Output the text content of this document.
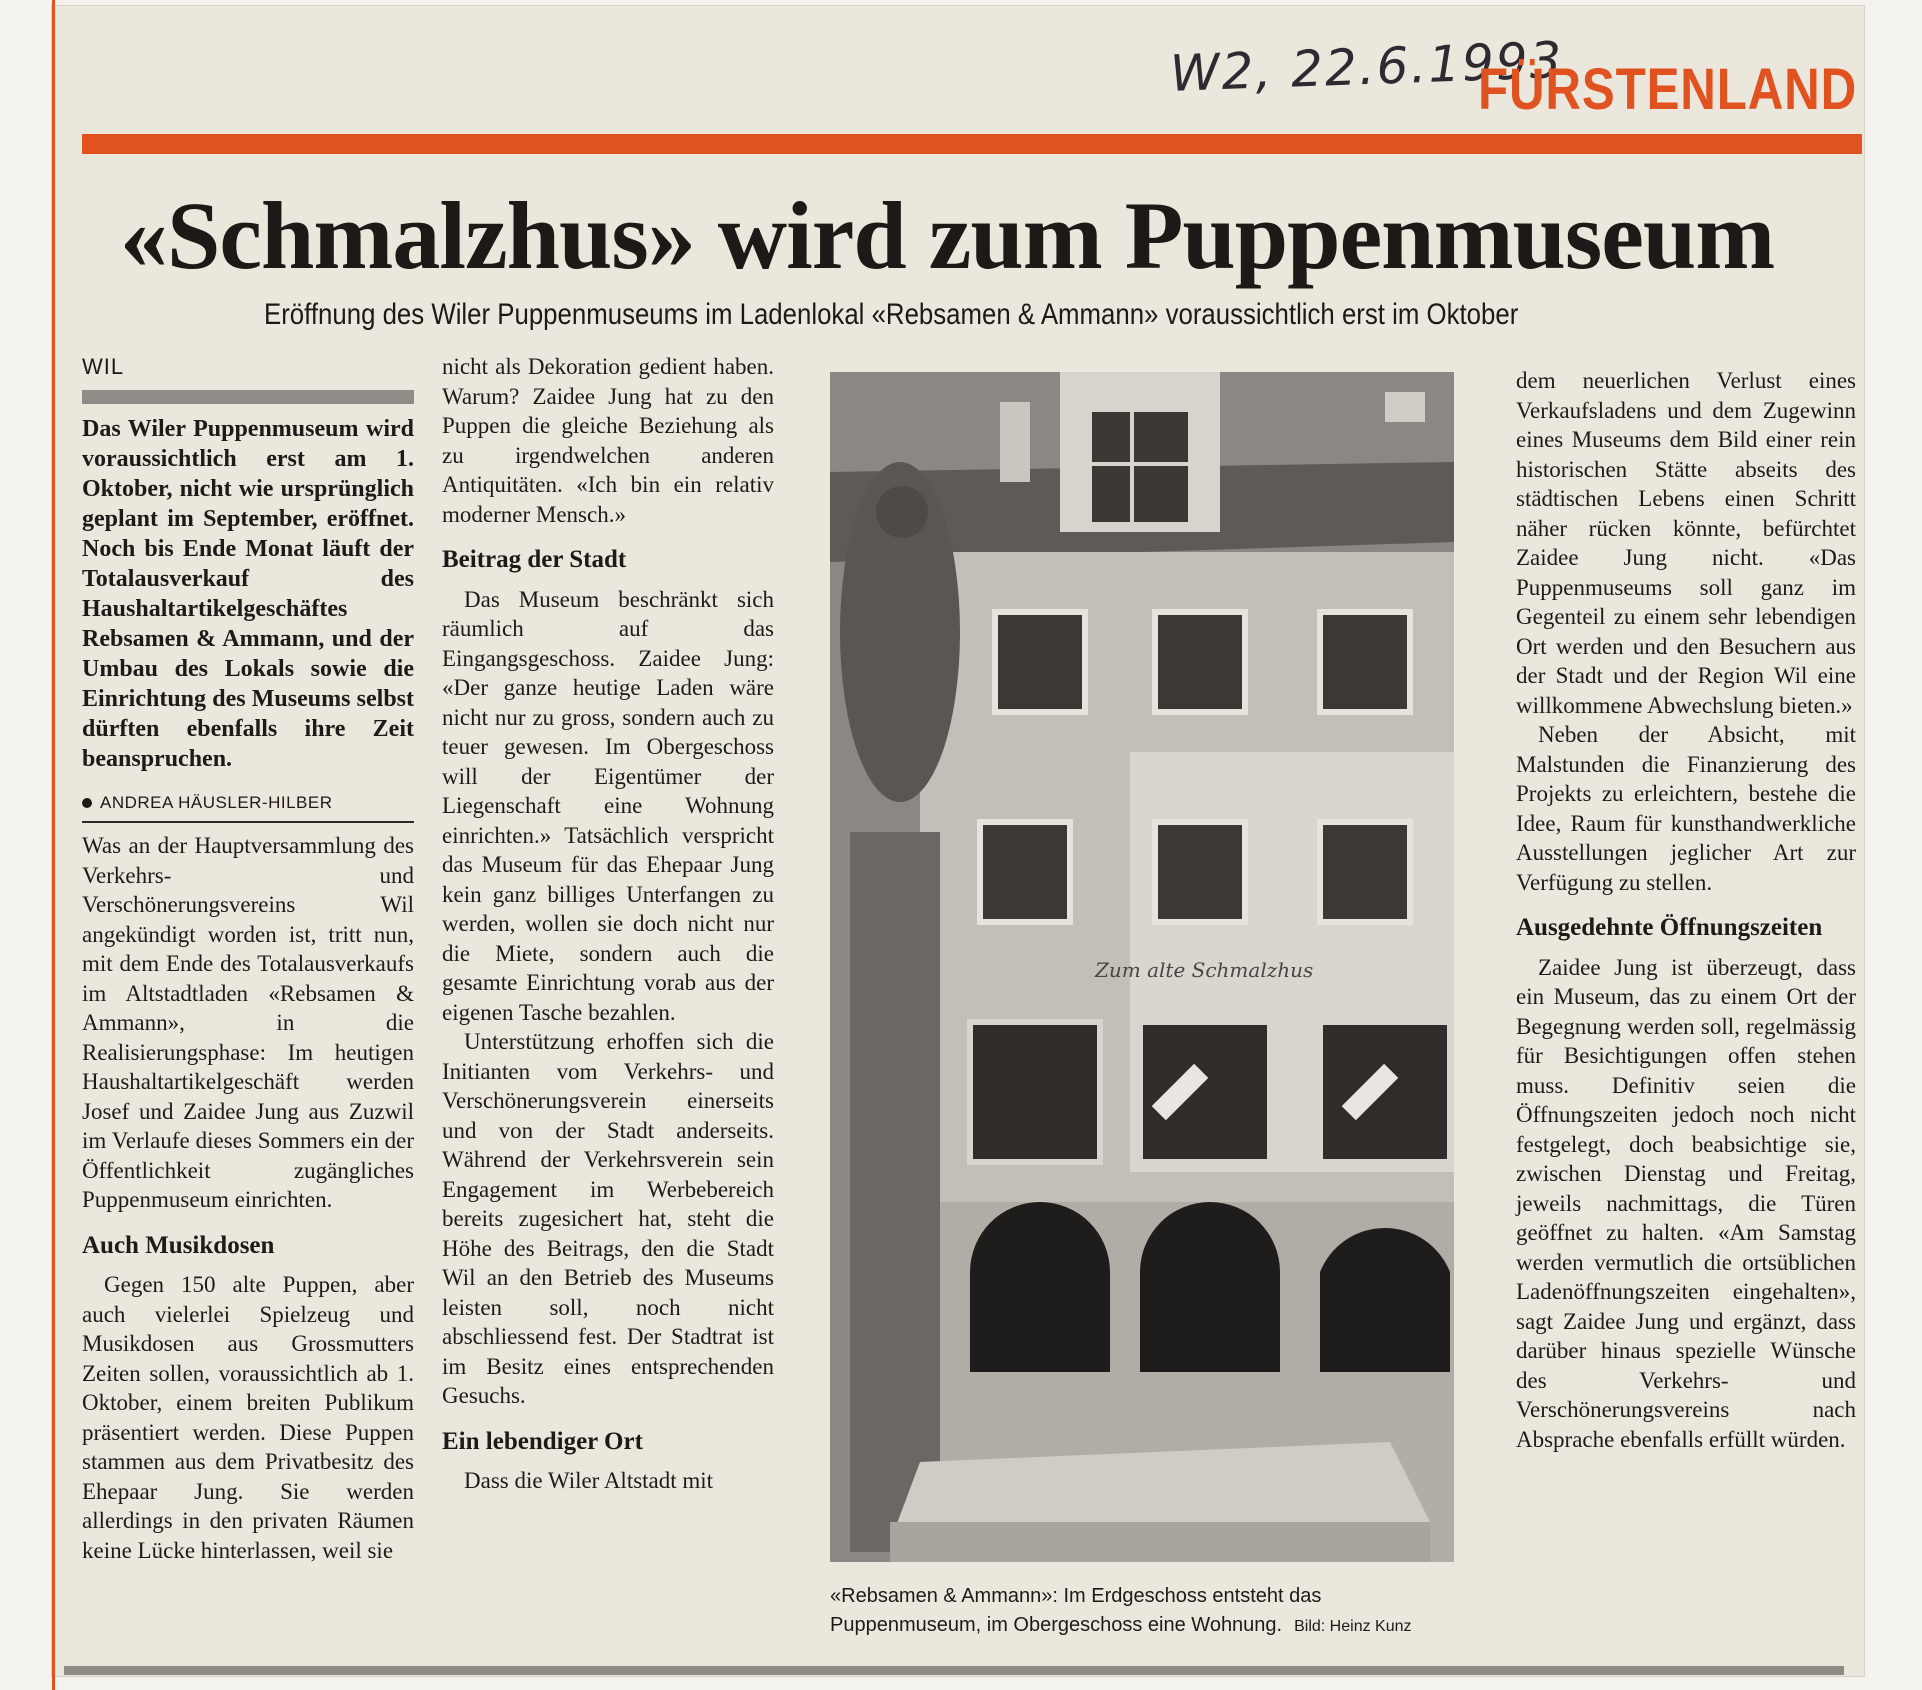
W2, 22.6.1993
FÜRSTENLAND
«Schmalzhus» wird zum Puppenmuseum
Eröffnung des Wiler Puppenmuseums im Ladenlokal «Rebsamen & Ammann» voraussichtlich erst im Oktober

WIL

Das Wiler Puppenmuseum wird voraussichtlich erst am 1. Oktober, nicht wie ursprünglich geplant im September, eröffnet. Noch bis Ende Monat läuft der Totalausverkauf des Haushaltartikelgeschäftes Rebsamen & Ammann, und der Umbau des Lokals sowie die Einrichtung des Museums selbst dürften ebenfalls ihre Zeit beanspruchen.

ANDREA HÄUSLER-HILBER

Was an der Hauptversammlung des Verkehrs- und Verschönerungsvereins Wil angekündigt worden ist, tritt nun, mit dem Ende des Totalausverkaufs im Altstadtladen «Rebsamen & Ammann», in die Realisierungsphase: Im heutigen Haushaltartikelgeschäft werden Josef und Zaidee Jung aus Zuzwil im Verlaufe dieses Sommers ein der Öffentlichkeit zugängliches Puppenmuseum einrichten.

Auch Musikdosen

Gegen 150 alte Puppen, aber auch vielerlei Spielzeug und Musikdosen aus Grossmutters Zeiten sollen, voraussichtlich ab 1. Oktober, einem breiten Publikum präsentiert werden. Diese Puppen stammen aus dem Privatbesitz des Ehepaar Jung. Sie werden allerdings in den privaten Räumen keine Lücke hinterlassen, weil sie

nicht als Dekoration gedient haben. Warum? Zaidee Jung hat zu den Puppen die gleiche Beziehung als zu irgendwelchen anderen Antiquitäten. «Ich bin ein relativ moderner Mensch.»

Beitrag der Stadt

Das Museum beschränkt sich räumlich auf das Eingangsgeschoss. Zaidee Jung: «Der ganze heutige Laden wäre nicht nur zu gross, sondern auch zu teuer gewesen. Im Obergeschoss will der Eigentümer der Liegenschaft eine Wohnung einrichten.» Tatsächlich verspricht das Museum für das Ehepaar Jung kein ganz billiges Unterfangen zu werden, wollen sie doch nicht nur die Miete, sondern auch die gesamte Einrichtung vorab aus der eigenen Tasche bezahlen.

Unterstützung erhoffen sich die Initianten vom Verkehrs- und Verschönerungsverein einerseits und von der Stadt anderseits. Während der Verkehrsverein sein Engagement im Werbebereich bereits zugesichert hat, steht die Höhe des Beitrags, den die Stadt Wil an den Betrieb des Museums leisten soll, noch nicht abschliessend fest. Der Stadtrat ist im Besitz eines entsprechenden Gesuchs.

Ein lebendiger Ort

Dass die Wiler Altstadt mit

Zum alte Schmalzhus
«Rebsamen & Ammann»: Im Erdgeschoss entsteht das Puppenmuseum, im Obergeschoss eine Wohnung. Bild: Heinz Kunz

dem neuerlichen Verlust eines Verkaufsladens und dem Zugewinn eines Museums dem Bild einer rein historischen Stätte abseits des städtischen Lebens einen Schritt näher rücken könnte, befürchtet Zaidee Jung nicht. «Das Puppenmuseums soll ganz im Gegenteil zu einem sehr lebendigen Ort werden und den Besuchern aus der Stadt und der Region Wil eine willkommene Abwechslung bieten.»

Neben der Absicht, mit Malstunden die Finanzierung des Projekts zu erleichtern, bestehe die Idee, Raum für kunsthandwerkliche Ausstellungen jeglicher Art zur Verfügung zu stellen.

Ausgedehnte Öffnungszeiten

Zaidee Jung ist überzeugt, dass ein Museum, das zu einem Ort der Begegnung werden soll, regelmässig für Besichtigungen offen stehen muss. Definitiv seien die Öffnungszeiten jedoch noch nicht festgelegt, doch beabsichtige sie, zwischen Dienstag und Freitag, jeweils nachmittags, die Türen geöffnet zu halten. «Am Samstag werden vermutlich die ortsüblichen Ladenöffnungszeiten eingehalten», sagt Zaidee Jung und ergänzt, dass darüber hinaus spezielle Wünsche des Verkehrs- und Verschönerungsvereins nach Absprache ebenfalls erfüllt würden.
